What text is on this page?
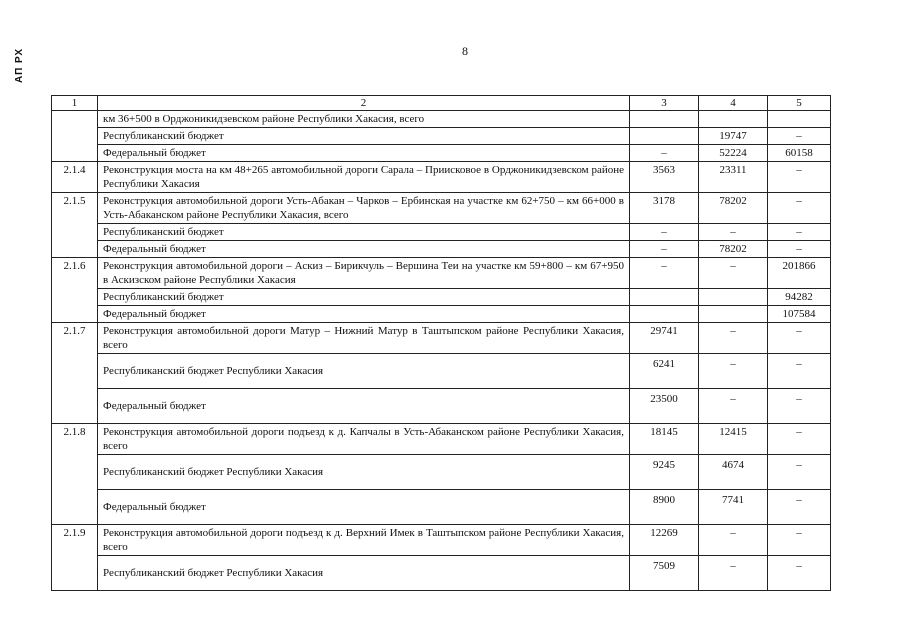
АП РХ	8
1	2	3	4	5
	км 36+500 в Орджоникидзевском районе Республики Хакасия, всего			
	Республиканский бюджет		19747	–
	Федеральный бюджет	–	52224	60158
2.1.4	Реконструкция моста на км 48+265 автомобильной дороги Сарала – Приисковое в Орджоникидзевском районе Республики Хакасия	3563	23311	–
2.1.5	Реконструкция автомобильной дороги Усть-Абакан – Чарков – Ербинская на участке км 62+750 – км 66+000 в Усть-Абаканском районе Республики Хакасия, всего	3178	78202	–
	Республиканский бюджет	–	–	–
	Федеральный бюджет	–	78202	–
2.1.6	Реконструкция автомобильной дороги – Аскиз – Бирикчуль – Вершина Теи на участке км 59+800 – км 67+950 в Аскизском районе Республики Хакасия	–	–	201866
	Республиканский бюджет			94282
	Федеральный бюджет			107584
2.1.7	Реконструкция автомобильной дороги Матур – Нижний Матур в Таштыпском районе Республики Хакасия, всего	29741	–	–
	Республиканский бюджет Республики Хакасия	6241	–	–
	Федеральный бюджет	23500	–	–
2.1.8	Реконструкция автомобильной дороги подъезд к д. Капчалы в Усть-Абаканском районе Республики Хакасия, всего	18145	12415	–
	Республиканский бюджет Республики Хакасия	9245	4674	–
	Федеральный бюджет	8900	7741	–
2.1.9	Реконструкция автомобильной дороги подъезд к д. Верхний Имек в Таштыпском районе Республики Хакасия, всего	12269	–	–
	Республиканский бюджет Республики Хакасия	7509	–	–
